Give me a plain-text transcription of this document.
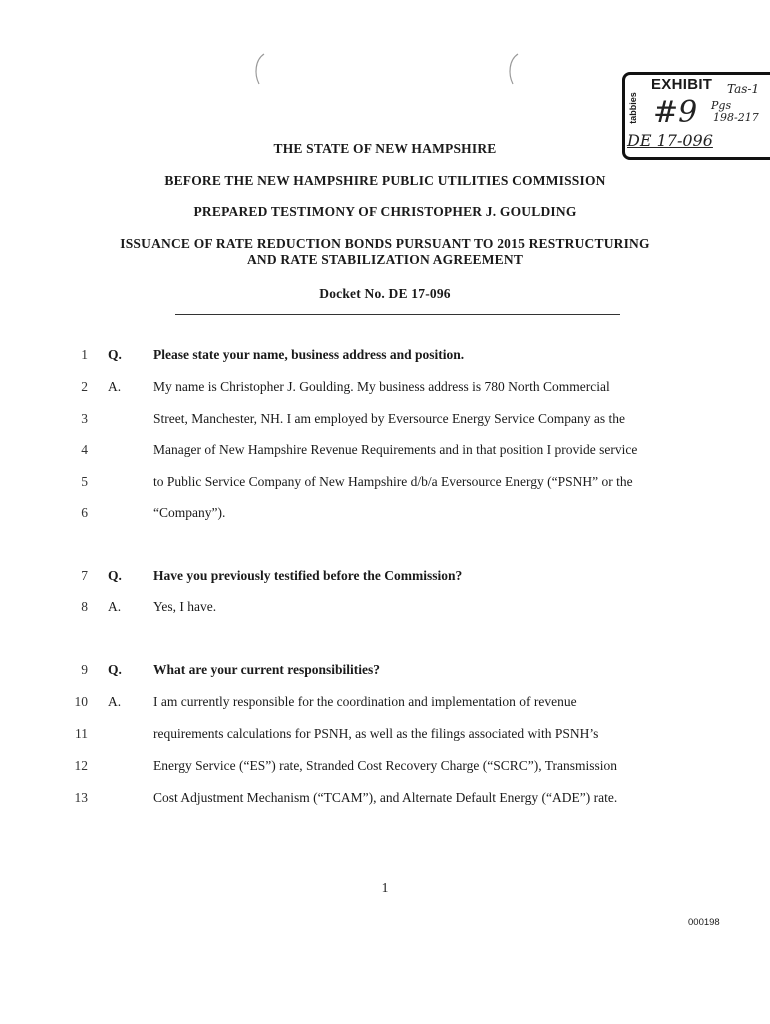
EXHIBIT
tabbies
Tas-1
#9 Pgs
198-217
DE 17-096
THE STATE OF NEW HAMPSHIRE
BEFORE THE NEW HAMPSHIRE PUBLIC UTILITIES COMMISSION
PREPARED TESTIMONY OF CHRISTOPHER J. GOULDING
ISSUANCE OF RATE REDUCTION BONDS PURSUANT TO 2015 RESTRUCTURING
AND RATE STABILIZATION AGREEMENT
Docket No. DE 17-096
1 Q. Please state your name, business address and position.
2 A. My name is Christopher J. Goulding. My business address is 780 North Commercial
3	Street, Manchester, NH. I am employed by Eversource Energy Service Company as the
4	Manager of New Hampshire Revenue Requirements and in that position I provide service
5	to Public Service Company of New Hampshire d/b/a Eversource Energy (“PSNH” or the
6	“Company”).
7 Q. Have you previously testified before the Commission?
8 A. Yes, I have.
9 Q. What are your current responsibilities?
10 A. I am currently responsible for the coordination and implementation of revenue
11	requirements calculations for PSNH, as well as the filings associated with PSNH’s
12	Energy Service (“ES”) rate, Stranded Cost Recovery Charge (“SCRC”), Transmission
13	Cost Adjustment Mechanism (“TCAM”), and Alternate Default Energy (“ADE”) rate.
1
000198
